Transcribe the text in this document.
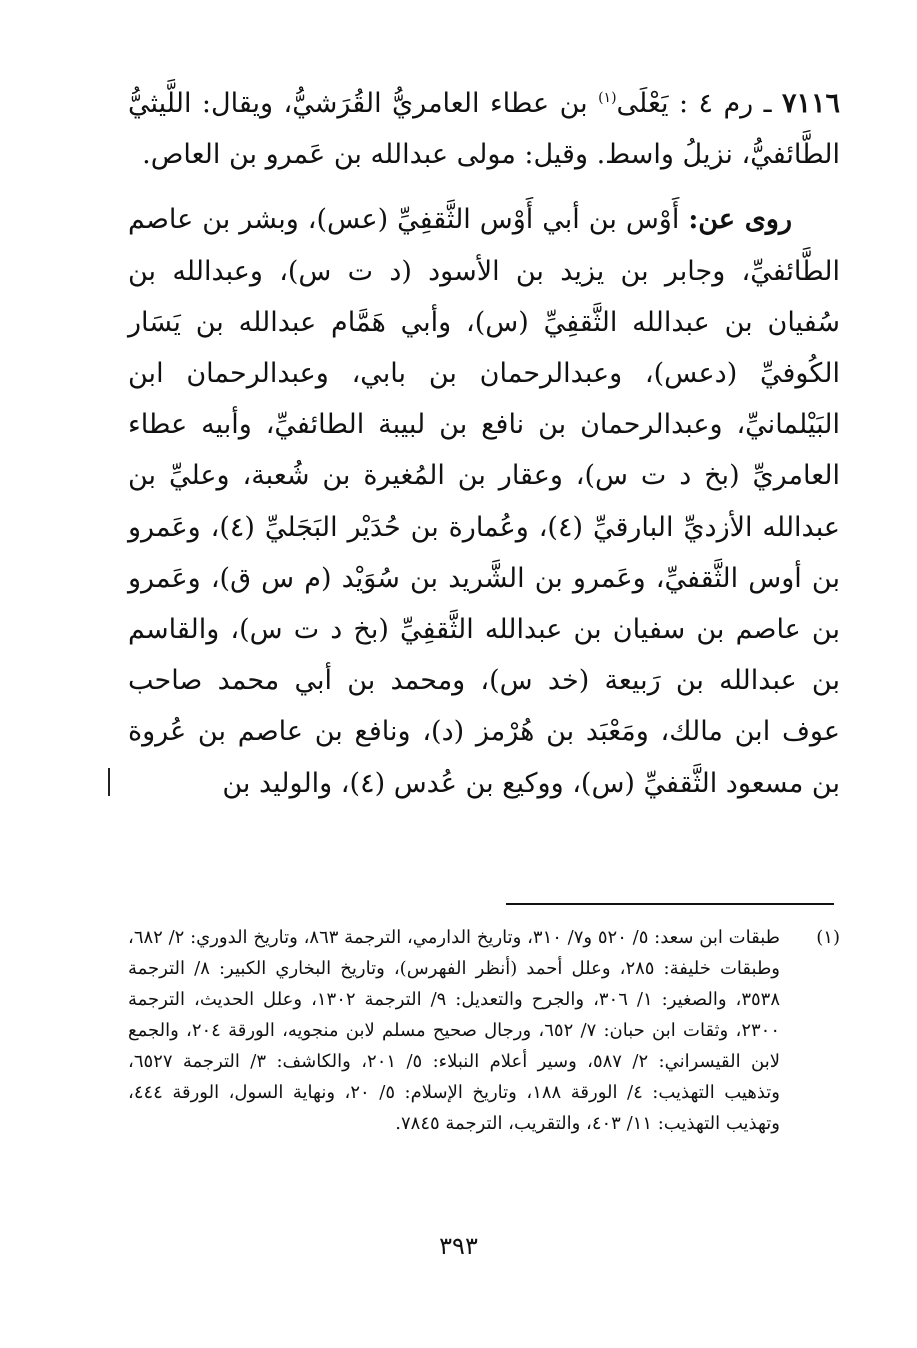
٧١١٦ ـ رم ٤ : يَعْلَى$^{(١)}$ بن عطاء العامريُّ القُرَشيُّ، ويقال: اللَّيثيُّ الطَّائفيُّ، نزيلُ واسط. وقيل: مولى عبدالله بن عَمرو بن العاص.

روى عن: أَوْس بن أبي أَوْس الثَّقفِيِّ (عس)، وبشر بن عاصم الطَّائفيِّ، وجابر بن يزيد بن الأسود (د ت س)، وعبدالله بن سُفيان بن عبدالله الثَّقفِيِّ (س)، وأبي هَمَّام عبدالله بن يَسَار الكُوفيِّ (دعس)، وعبدالرحمان بن بابي، وعبدالرحمان ابن البَيْلمانيِّ، وعبدالرحمان بن نافع بن لبيبة الطائفيِّ، وأبيه عطاء العامريِّ (بخ د ت س)، وعقار بن المُغيرة بن شُعبة، وعليِّ بن عبدالله الأزديِّ البارقيِّ (٤)، وعُمارة بن حُدَيْر البَجَليِّ (٤)، وعَمرو بن أوس الثَّقفيِّ، وعَمرو بن الشَّريد بن سُوَيْد (م س ق)، وعَمرو بن عاصم بن سفيان بن عبدالله الثَّقفِيِّ (بخ د ت س)، والقاسم بن عبدالله بن رَبيعة (خد س)، ومحمد بن أبي محمد صاحب عوف ابن مالك، ومَعْبَد بن هُرْمز (د)، ونافع بن عاصم بن عُروة بن مسعود الثَّقفيِّ (س)، ووكيع بن عُدس (٤)، والوليد بن

(١)
طبقات ابن سعد: ٥/ ٥٢٠ و٧/ ٣١٠، وتاريخ الدارمي، الترجمة ٨٦٣، وتاريخ الدوري: ٢/ ٦٨٢، وطبقات خليفة: ٢٨٥، وعلل أحمد (أنظر الفهرس)، وتاريخ البخاري الكبير: ٨/ الترجمة ٣٥٣٨، والصغير: ١/ ٣٠٦، والجرح والتعديل: ٩/ الترجمة ١٣٠٢، وعلل الحديث، الترجمة ٢٣٠٠، وثقات ابن حبان: ٧/ ٦٥٢، ورجال صحيح مسلم لابن منجويه، الورقة ٢٠٤، والجمع لابن القيسراني: ٢/ ٥٨٧، وسير أعلام النبلاء: ٥/ ٢٠١، والكاشف: ٣/ الترجمة ٦٥٢٧، وتذهيب التهذيب: ٤/ الورقة ١٨٨، وتاريخ الإسلام: ٥/ ٢٠، ونهاية السول، الورقة ٤٤٤، وتهذيب التهذيب: ١١/ ٤٠٣، والتقريب، الترجمة ٧٨٤٥.
٣٩٣
